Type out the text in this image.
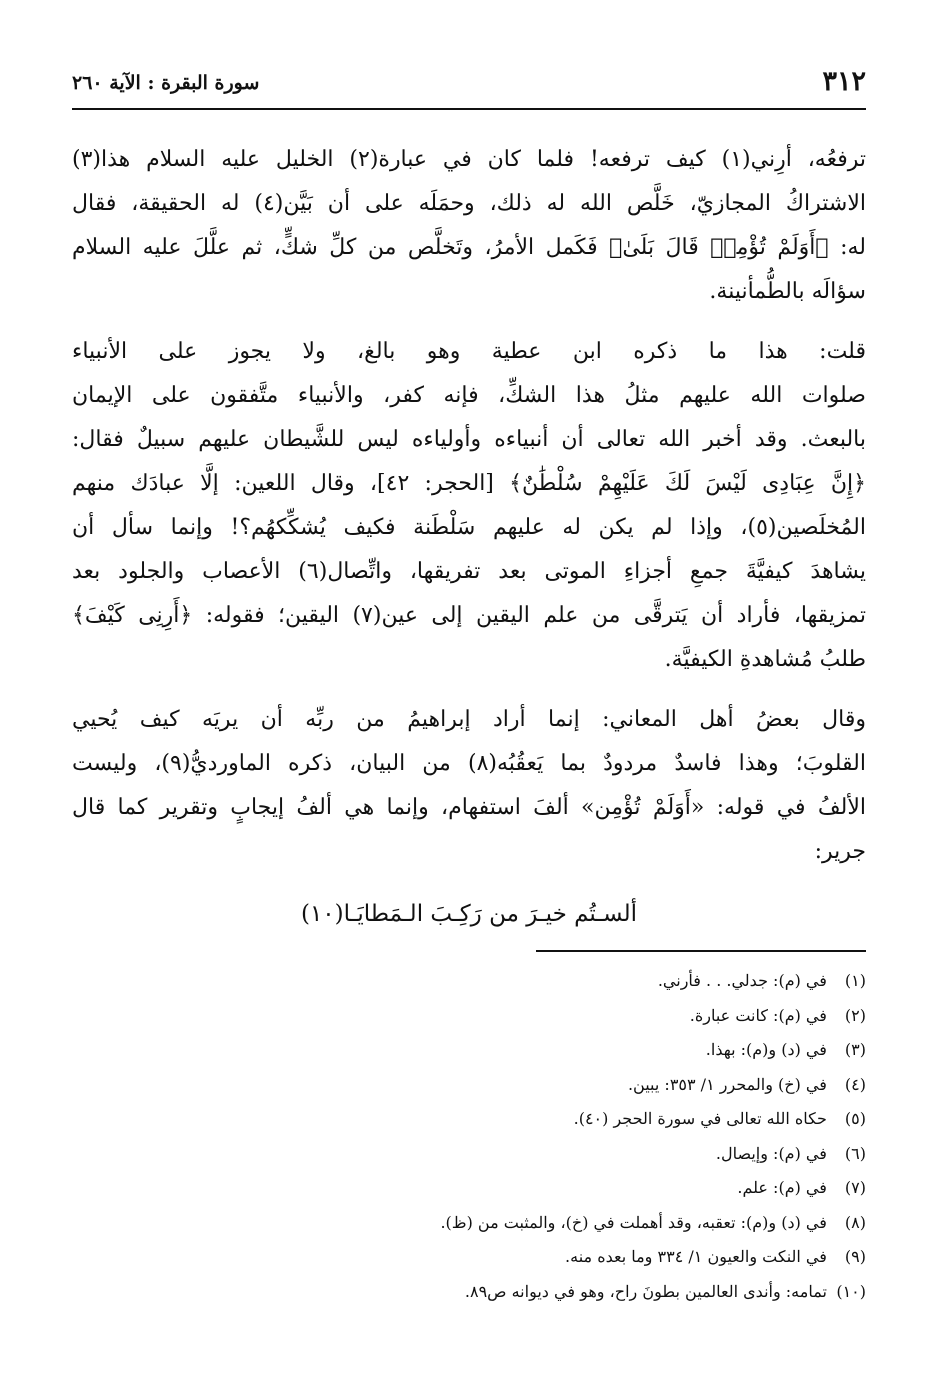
٣١٢
سورة البقرة : الآية ٢٦٠

ترفعُه، أرِني(١) كيف ترفعه! فلما كان في عبارة(٢) الخليل عليه السلام هذا(٣)
الاشتراكُ المجازيّ، خَلَّص الله له ذلك، وحمَلَه على أن بَيَّن(٤) له الحقيقة، فقال
له: ﴿أَوَلَمْ تُؤْمِنۖ قَالَ بَلَىٰ﴾ فَكَمل الأمرُ، وتَخلَّص من كلِّ شكٍّ، ثم علَّلَ عليه السلام
سؤالَه بالطُّمأنينة.

قلت: هذا ما ذكره ابن عطية وهو بالغ، ولا يجوز على الأنبياء
صلوات الله عليهم مثلُ هذا الشكِّ، فإنه كفر، والأنبياء متَّفقون على الإيمان
بالبعث. وقد أخبر الله تعالى أن أنبياءه وأولياءه ليس للشَّيطان عليهم سبيلٌ فقال:
﴿إِنَّ عِبَادِى لَيْسَ لَكَ عَلَيْهِمْ سُلْطَٰنٌ﴾ [الحجر: ٤٢]، وقال اللعين: إلَّا عبادَك منهم
المُخلَصين(٥)، وإذا لم يكن له عليهم سَلْطَنة فكيف يُشكِّكهُم؟! وإنما سأل أن
يشاهدَ كيفيَّةَ جمعِ أجزاءِ الموتى بعد تفريقها، واتِّصال(٦) الأعصاب والجلود بعد
تمزيقها، فأراد أن يَترقَّى من علم اليقين إلى عين(٧) اليقين؛ فقوله: ﴿أَرِنِى كَيْفَ﴾
طلبُ مُشاهدةِ الكيفيَّة.

وقال بعضُ أهل المعاني: إنما أراد إبراهيمُ من ربِّه أن يريَه كيف يُحيي
القلوبَ؛ وهذا فاسدٌ مردودٌ بما يَعقُبُه(٨) من البيان، ذكره الماورديُّ(٩)، وليست
الألفُ في قوله: «أَوَلَمْ تُؤْمِن» ألفَ استفهام، وإنما هي ألفُ إيجابٍ وتقرير كما قال
جرير:

ألسـتُم خيـرَ من رَكِـبَ الـمَطايَـا(١٠)
(١) في (م): جدلي. . . فأرني.
(٢) في (م): كانت عبارة.
(٣) في (د) و(م): بهذا.
(٤) في (خ) والمحرر ١/ ٣٥٣: يبين.
(٥) حكاه الله تعالى في سورة الحجر (٤٠).
(٦) في (م): وإيصال.
(٧) في (م): علم.
(٨) في (د) و(م): تعقبه، وقد أهملت في (خ)، والمثبت من (ظ).
(٩) في النكت والعيون ١/ ٣٣٤ وما بعده منه.
(١٠) تمامه: وأندى العالمين بطونَ راح، وهو في ديوانه ص٨٩.
